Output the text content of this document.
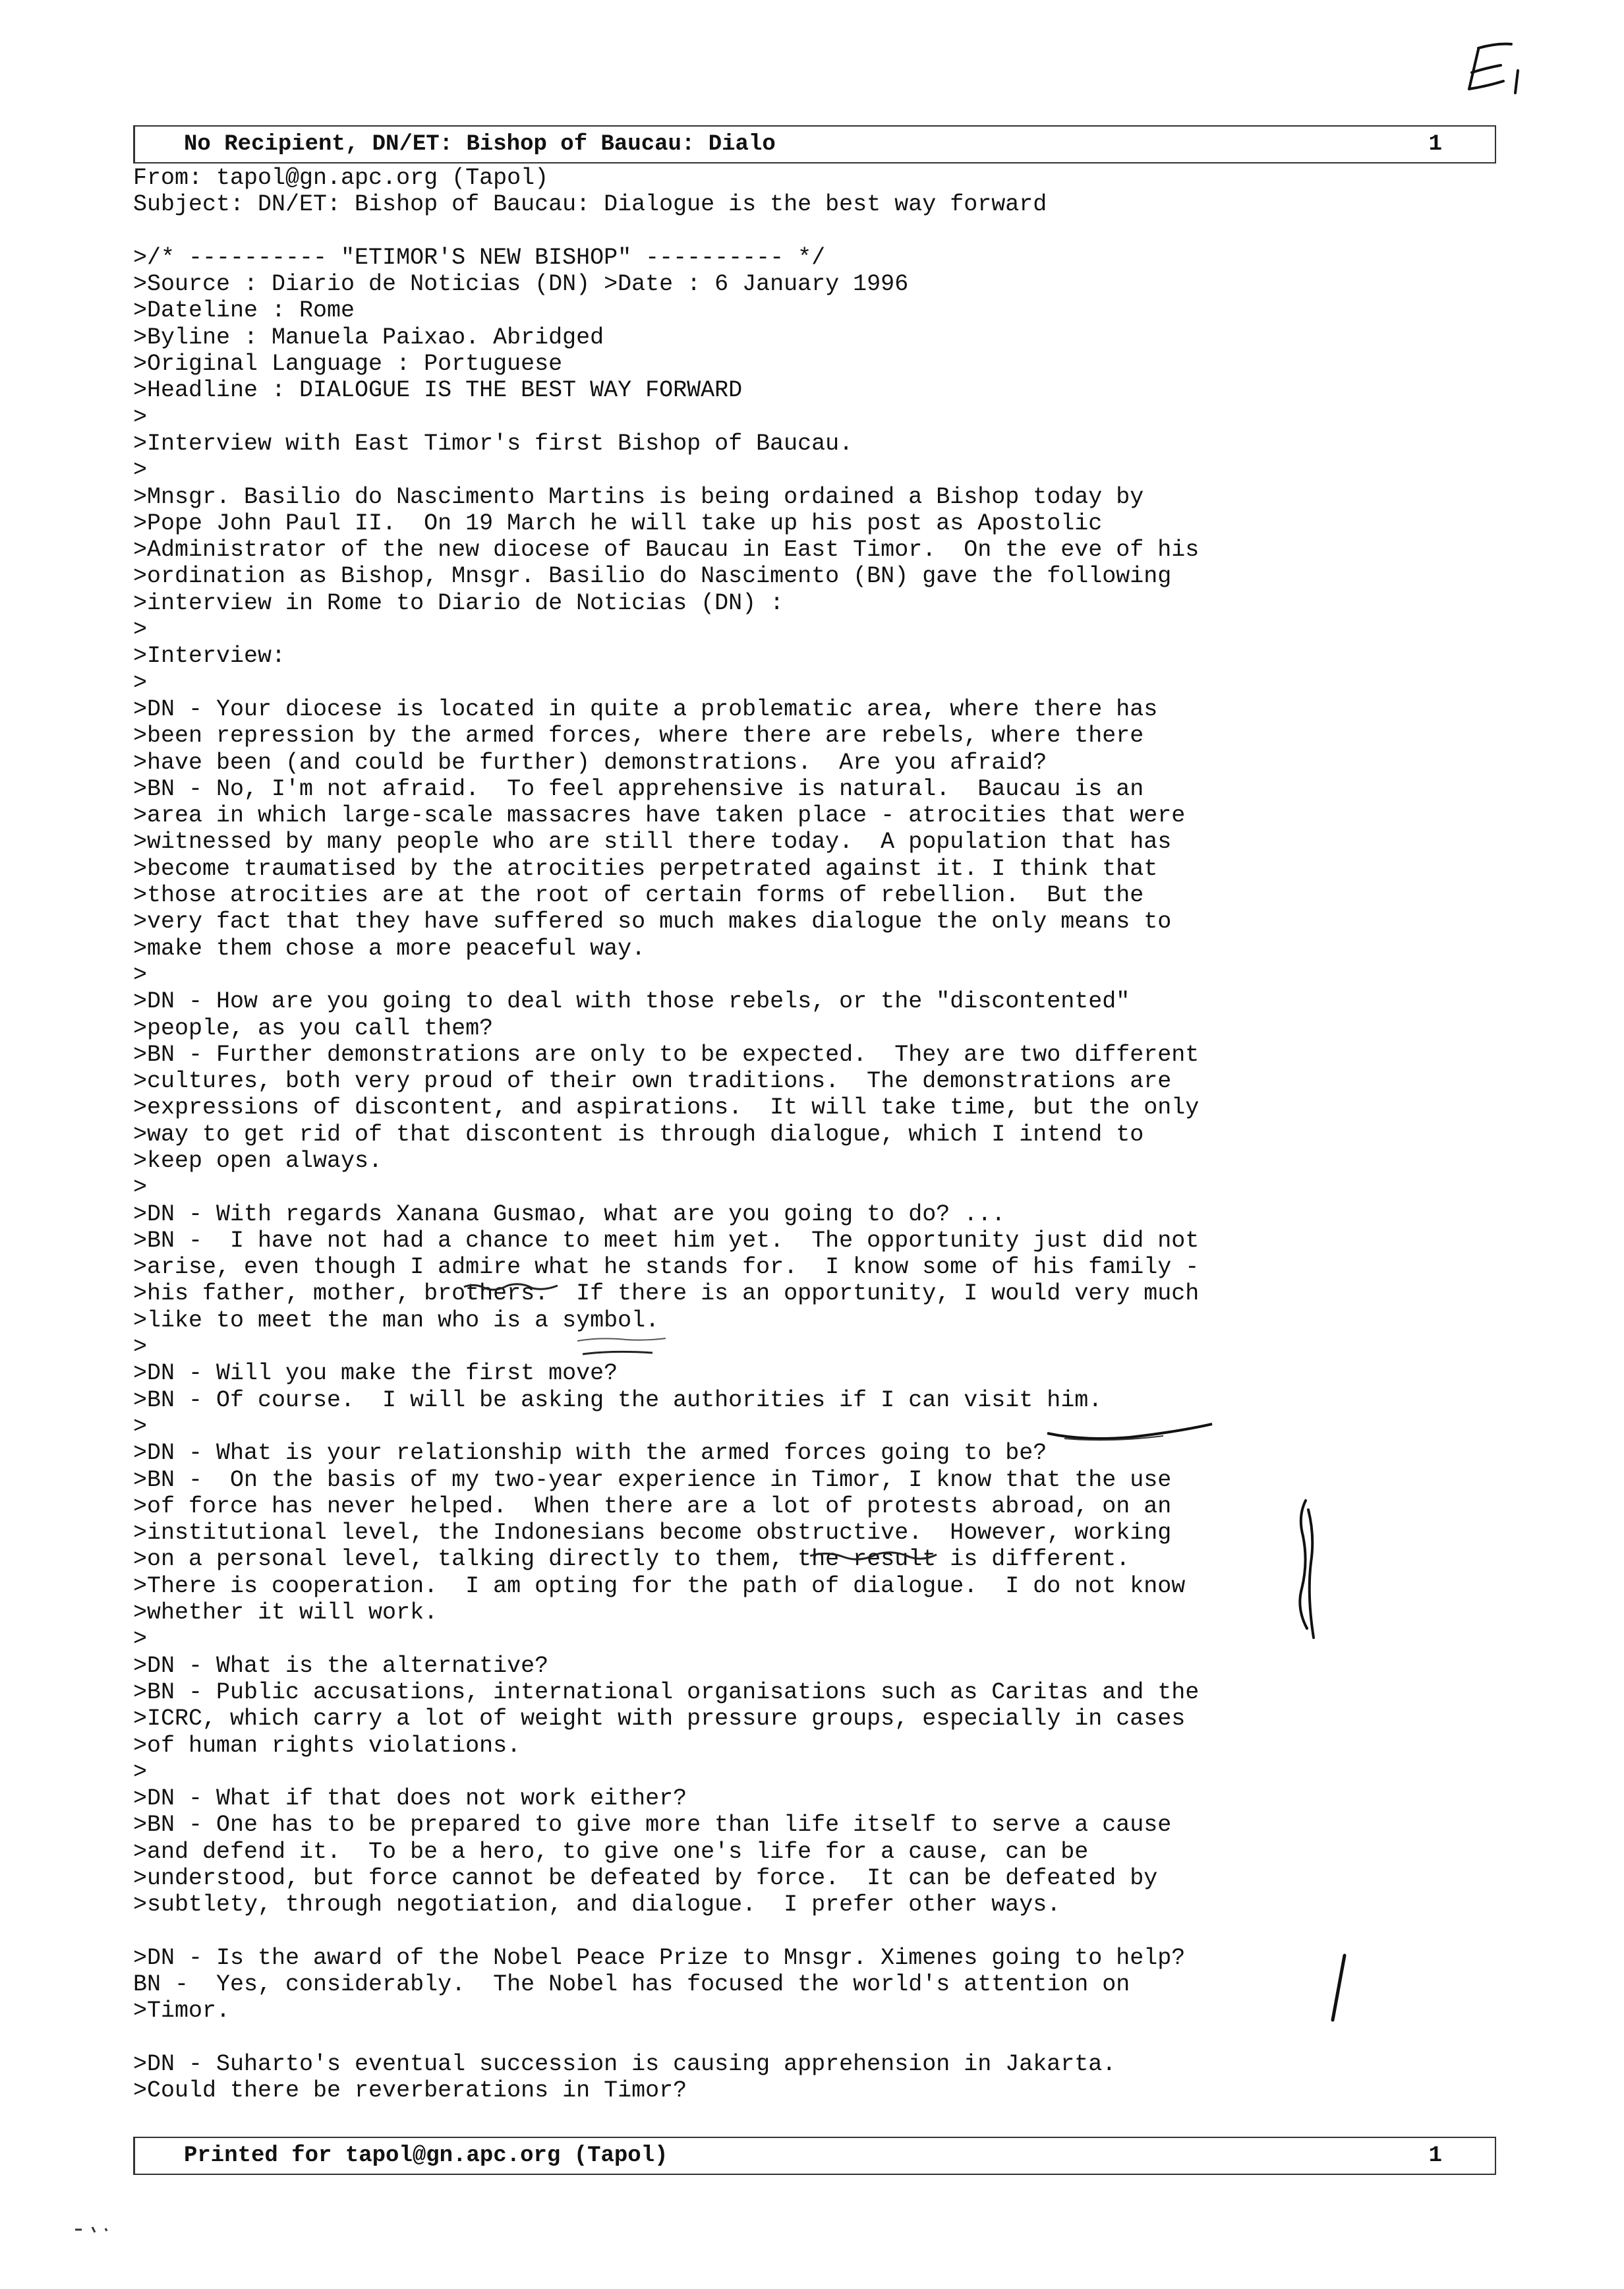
No Recipient, DN/ET: Bishop of Baucau: Dialo	1
From: tapol@gn.apc.org (Tapol)
Subject: DN/ET: Bishop of Baucau: Dialogue is the best way forward
>/* ---------- "ETIMOR'S NEW BISHOP" ---------- */
>Source : Diario de Noticias (DN) >Date : 6 January 1996
>Dateline : Rome
>Byline : Manuela Paixao. Abridged
>Original Language : Portuguese
>Headline : DIALOGUE IS THE BEST WAY FORWARD
>
>Interview with East Timor's first Bishop of Baucau.
>
>Mnsgr. Basilio do Nascimento Martins is being ordained a Bishop today by
>Pope John Paul II.  On 19 March he will take up his post as Apostolic
>Administrator of the new diocese of Baucau in East Timor.  On the eve of his
>ordination as Bishop, Mnsgr. Basilio do Nascimento (BN) gave the following
>interview in Rome to Diario de Noticias (DN) :
>
>Interview:
>
>DN - Your diocese is located in quite a problematic area, where there has
>been repression by the armed forces, where there are rebels, where there
>have been (and could be further) demonstrations.  Are you afraid?
>BN - No, I'm not afraid.  To feel apprehensive is natural.  Baucau is an
>area in which large-scale massacres have taken place - atrocities that were
>witnessed by many people who are still there today.  A population that has
>become traumatised by the atrocities perpetrated against it. I think that
>those atrocities are at the root of certain forms of rebellion.  But the
>very fact that they have suffered so much makes dialogue the only means to
>make them chose a more peaceful way.
>
>DN - How are you going to deal with those rebels, or the "discontented"
>people, as you call them?
>BN - Further demonstrations are only to be expected.  They are two different
>cultures, both very proud of their own traditions.  The demonstrations are
>expressions of discontent, and aspirations.  It will take time, but the only
>way to get rid of that discontent is through dialogue, which I intend to
>keep open always.
>
>DN - With regards Xanana Gusmao, what are you going to do? ...
>BN -  I have not had a chance to meet him yet.  The opportunity just did not
>arise, even though I admire what he stands for.  I know some of his family -
>his father, mother, brothers.  If there is an opportunity, I would very much
>like to meet the man who is a symbol.
>
>DN - Will you make the first move?
>BN - Of course.  I will be asking the authorities if I can visit him.
>
>DN - What is your relationship with the armed forces going to be?
>BN -  On the basis of my two-year experience in Timor, I know that the use
>of force has never helped.  When there are a lot of protests abroad, on an
>institutional level, the Indonesians become obstructive.  However, working
>on a personal level, talking directly to them, the result is different.
>There is cooperation.  I am opting for the path of dialogue.  I do not know
>whether it will work.
>
>DN - What is the alternative?
>BN - Public accusations, international organisations such as Caritas and the
>ICRC, which carry a lot of weight with pressure groups, especially in cases
>of human rights violations.
>
>DN - What if that does not work either?
>BN - One has to be prepared to give more than life itself to serve a cause
>and defend it.  To be a hero, to give one's life for a cause, can be
>understood, but force cannot be defeated by force.  It can be defeated by
>subtlety, through negotiation, and dialogue.  I prefer other ways.
>DN - Is the award of the Nobel Peace Prize to Mnsgr. Ximenes going to help?
BN -  Yes, considerably.  The Nobel has focused the world's attention on
>Timor.
>DN - Suharto's eventual succession is causing apprehension in Jakarta.
>Could there be reverberations in Timor?
Printed for tapol@gn.apc.org (Tapol)	1
